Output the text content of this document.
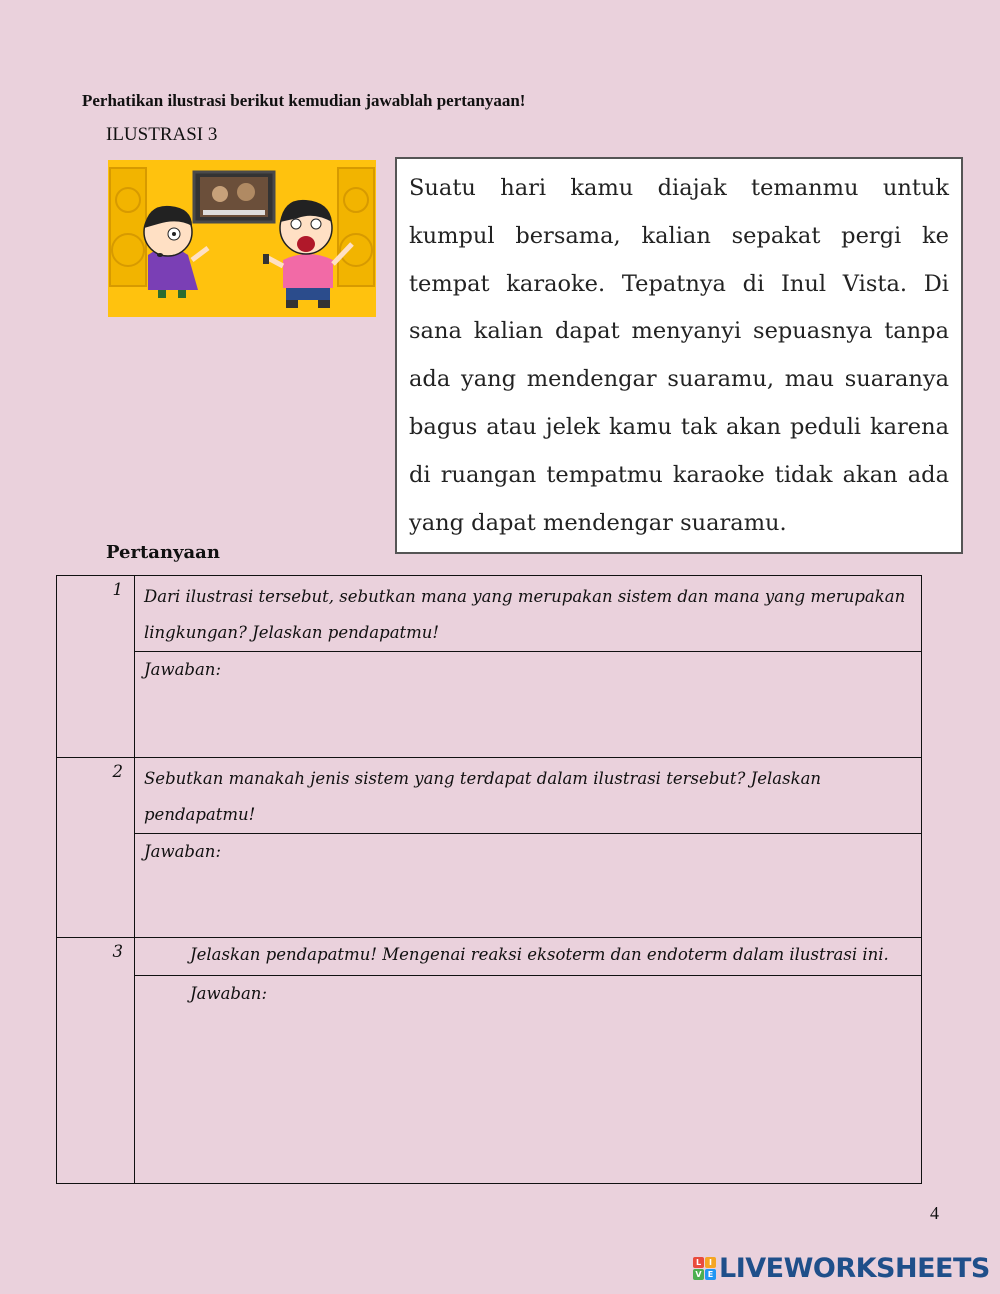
Perhatikan ilustrasi berikut kemudian jawablah pertanyaan!
ILUSTRASI 3
Suatu hari kamu diajak temanmu untuk kumpul bersama, kalian sepakat pergi ke tempat karaoke. Tepatnya di Inul Vista. Di sana kalian dapat menyanyi sepuasnya tanpa ada yang mendengar suaramu, mau suaranya bagus atau jelek kamu tak akan peduli karena di ruangan tempatmu karaoke tidak akan ada yang dapat mendengar suaramu.
Pertanyaan
1	Dari ilustrasi tersebut, sebutkan mana yang merupakan sistem dan mana yang merupakan lingkungan? Jelaskan pendapatmu!
	Jawaban:
2	Sebutkan manakah jenis sistem yang terdapat dalam ilustrasi tersebut? Jelaskan pendapatmu!
	Jawaban:
3	Jelaskan pendapatmu! Mengenai reaksi eksoterm dan endoterm dalam ilustrasi ini.
	Jawaban:
4
L I
V E LIVEWORKSHEETS
